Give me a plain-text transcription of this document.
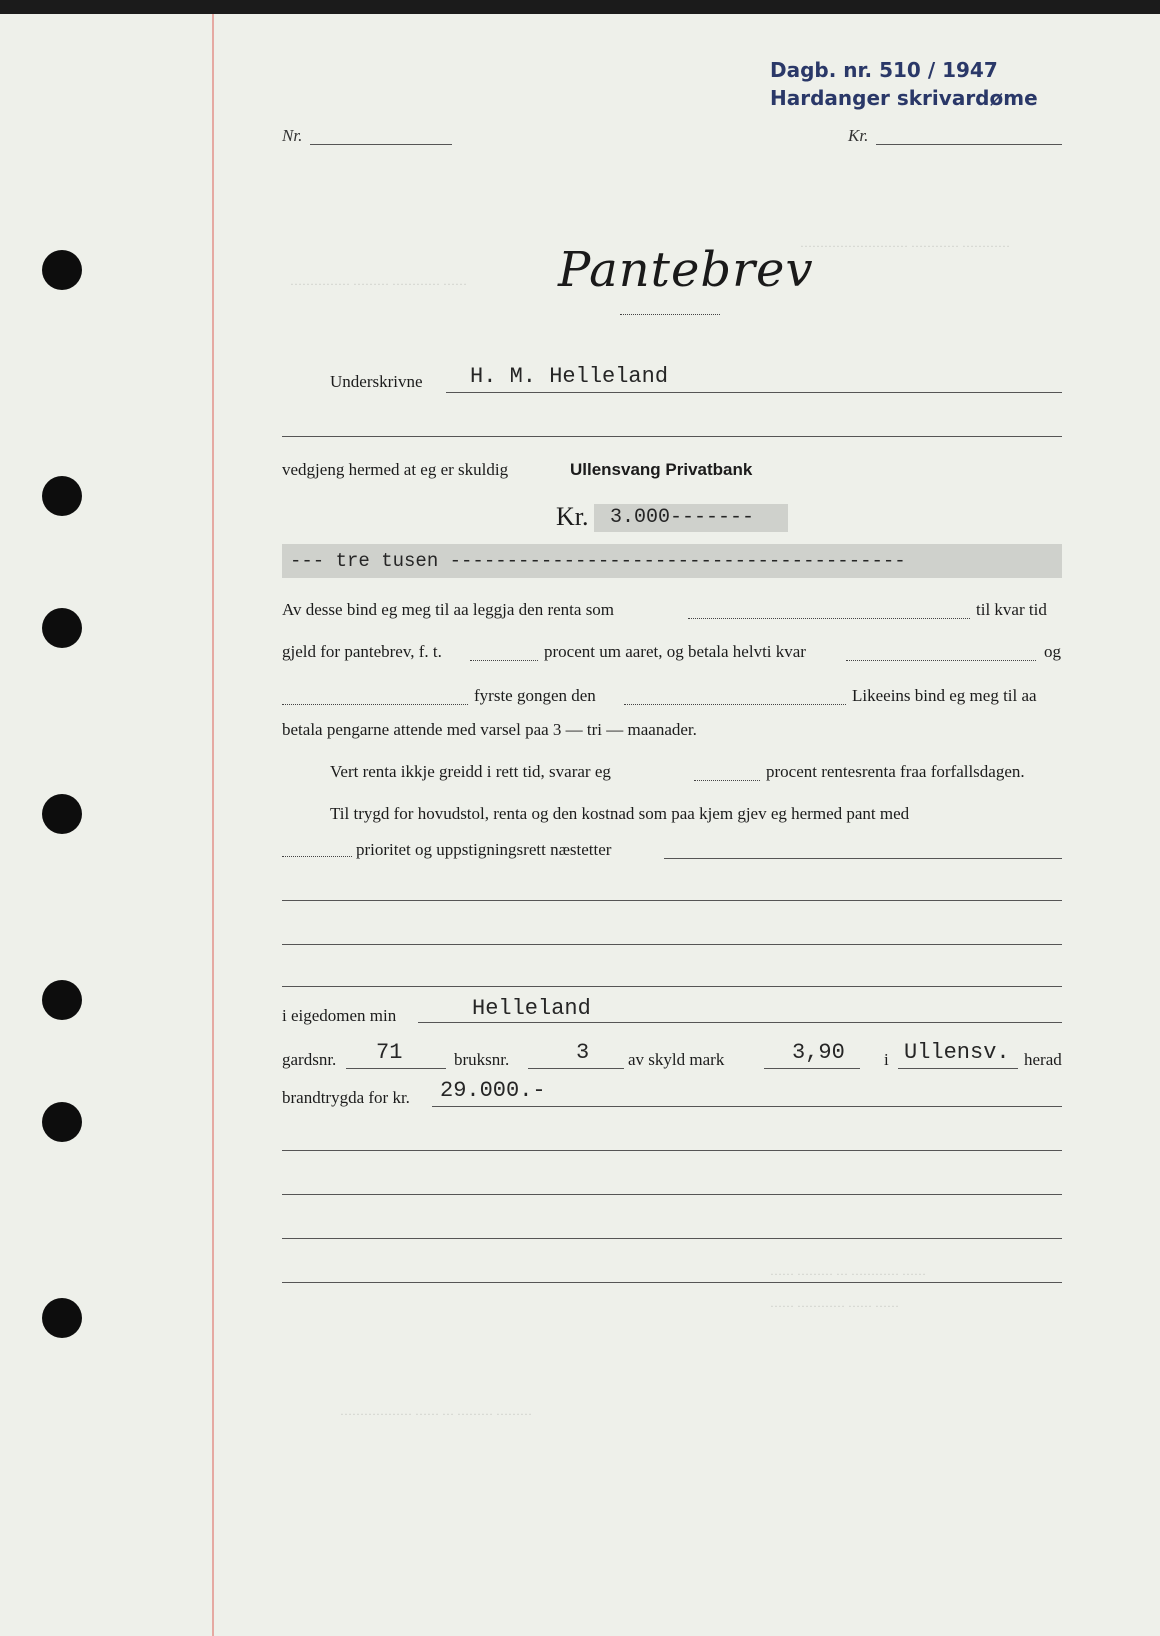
……………………… ………… …………
…………… ……… ………… ……
Dagb. nr. 510 / 1947
Hardanger skrivardøme
Nr.	Kr.
Pantebrev
Underskrivne H. M. Helleland
vedgjeng hermed at eg er skuldig	Ullensvang Privatbank
Kr. 3.000-------
--- tre tusen ----------------------------------------
Av desse bind eg meg til aa leggja den renta som	til kvar tid
gjeld for pantebrev, f. t.	procent um aaret, og betala helvti kvar	og
fyrste gongen den	Likeeins bind eg meg til aa
betala pengarne attende med varsel paa 3 — tri — maanader.
Vert renta ikkje greidd i rett tid, svarar eg	procent rentesrenta fraa forfallsdagen.
Til trygd for hovudstol, renta og den kostnad som paa kjem gjev eg hermed pant med
prioritet og uppstigningsrett næstetter
i eigedomen min	Helleland
gardsnr. 71	bruksnr.	3 av skyld mark	3,90 i Ullensv. herad
brandtrygda for kr. 29.000.-
…… ……… … ………… ……
…… ………… …… ……
……………… …… … ……… ………
